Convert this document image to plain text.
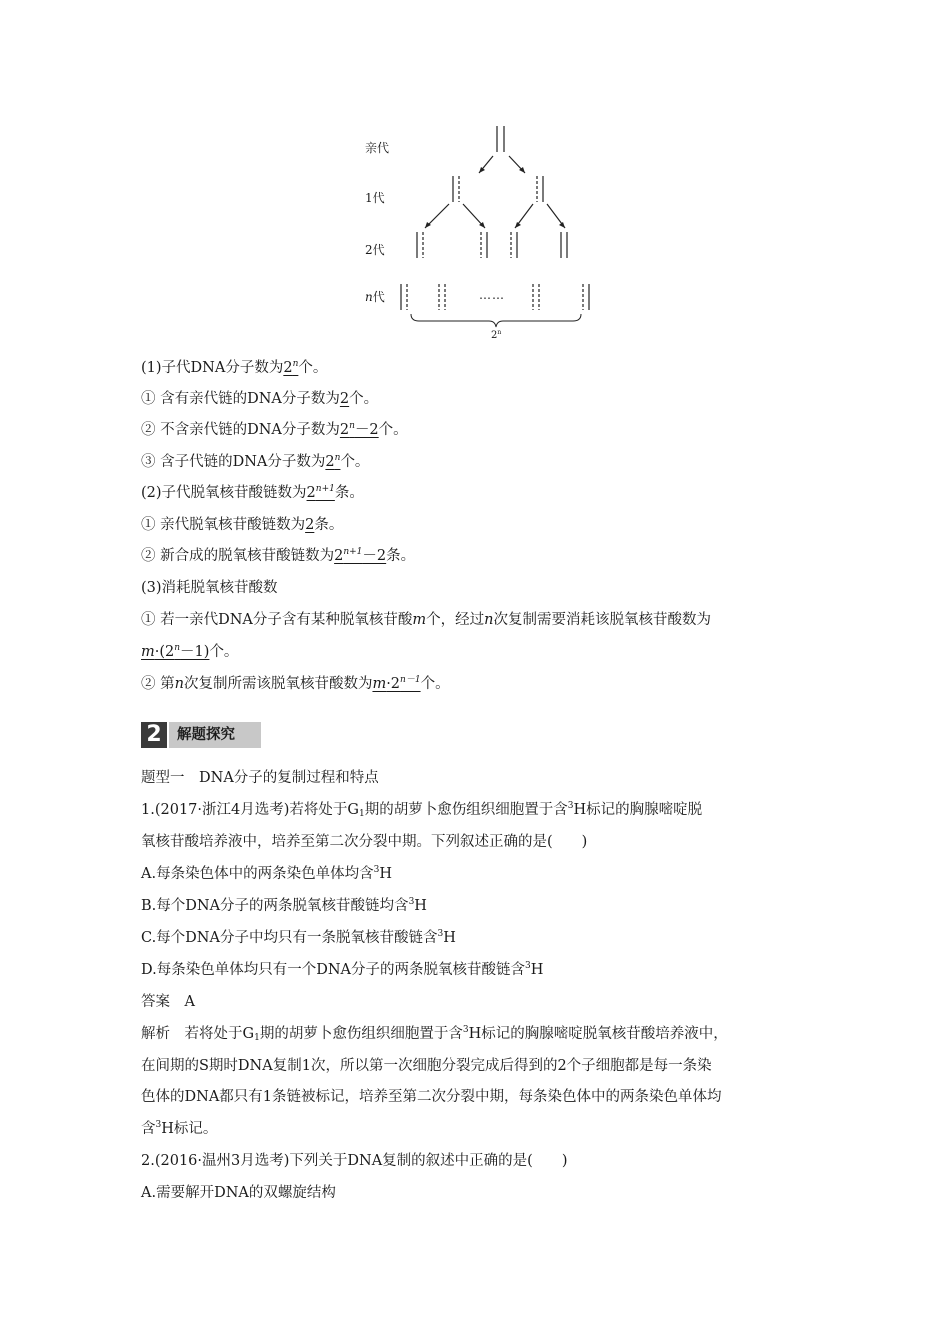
亲代
1代
2代
n代	……
2$^n$
(1)子代DNA分子数为2$^n$个。
① 含有亲代链的DNA分子数为2个。
② 不含亲代链的DNA分子数为$2^n-2$个。
③ 含子代链的DNA分子数为2$^n$个。
(2)子代脱氧核苷酸链数为$2^{n+1}$条。
① 亲代脱氧核苷酸链数为2条。
② 新合成的脱氧核苷酸链数为$2^{n+1}-2$条。
(3)消耗脱氧核苷酸数
① 若一亲代DNA分子含有某种脱氧核苷酸m个，经过n次复制需要消耗该脱氧核苷酸数为
$m\cdot(2^n-1)$个。
② 第n次复制所需该脱氧核苷酸数为$m\cdot 2^{n-1}$个。
2	解题探究
题型一　DNA分子的复制过程和特点
1.(2017·浙江4月选考)若将处于$G_1$期的胡萝卜愈伤组织细胞置于含$^3$H标记的胸腺嘧啶脱
氧核苷酸培养液中，培养至第二次分裂中期。下列叙述正确的是(　　)
A.每条染色体中的两条染色单体均含$^3$H
B.每个DNA分子的两条脱氧核苷酸链均含$^3$H
C.每个DNA分子中均只有一条脱氧核苷酸链含$^3$H
D.每条染色单体均只有一个DNA分子的两条脱氧核苷酸链含$^3$H
答案　A
解析　若将处于$G_1$期的胡萝卜愈伤组织细胞置于含$^3$H标记的胸腺嘧啶脱氧核苷酸培养液中，
在间期的S期时DNA复制1次，所以第一次细胞分裂完成后得到的2个子细胞都是每一条染
色体的DNA都只有1条链被标记，培养至第二次分裂中期，每条染色体中的两条染色单体均
含$^3$H标记。
2.(2016·温州3月选考)下列关于DNA复制的叙述中正确的是(　　)
A.需要解开DNA的双螺旋结构
